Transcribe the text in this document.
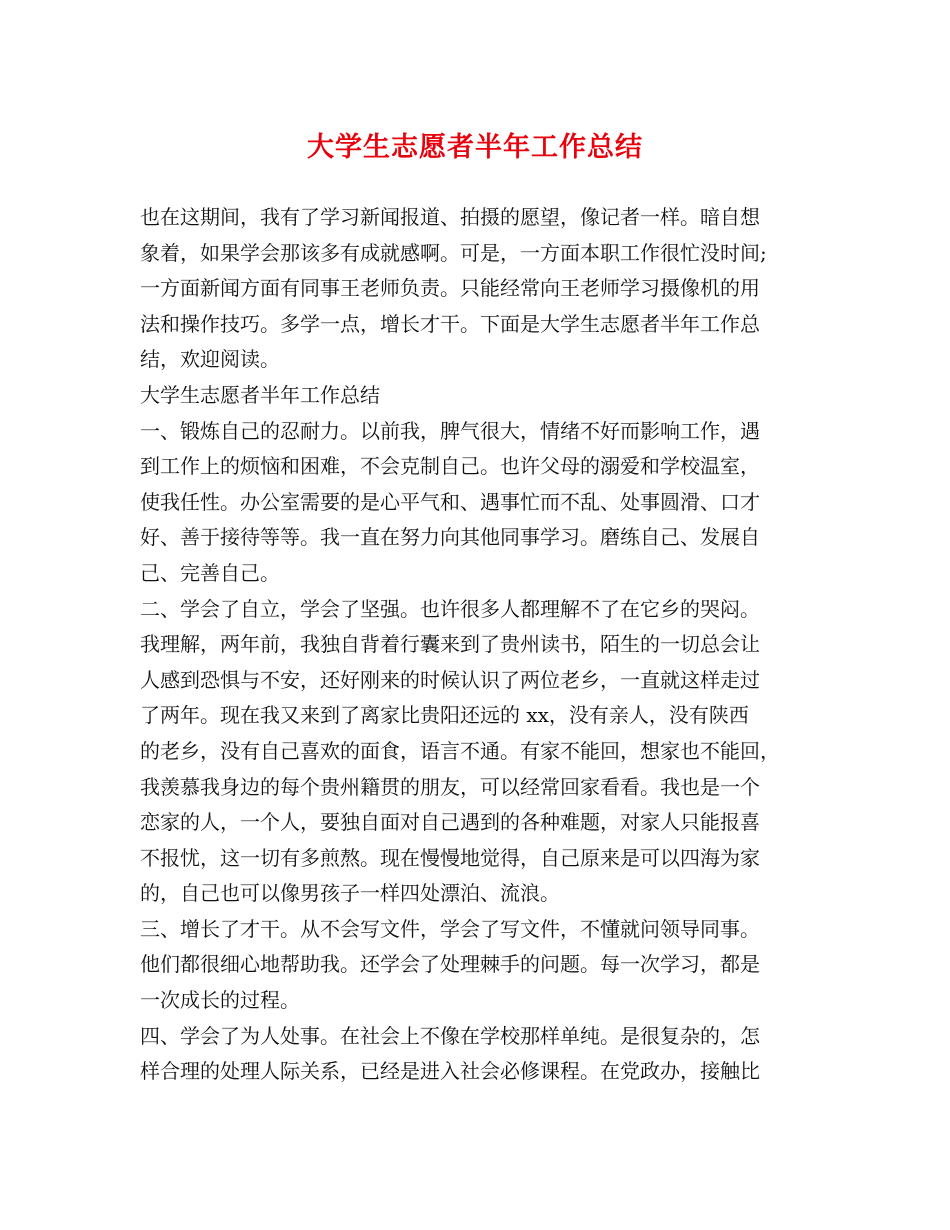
大学生志愿者半年工作总结
也在这期间，我有了学习新闻报道、拍摄的愿望，像记者一样。暗自想
象着，如果学会那该多有成就感啊。可是，一方面本职工作很忙没时间;
一方面新闻方面有同事王老师负责。只能经常向王老师学习摄像机的用
法和操作技巧。多学一点，增长才干。下面是大学生志愿者半年工作总
结，欢迎阅读。
大学生志愿者半年工作总结
一、锻炼自己的忍耐力。以前我，脾气很大，情绪不好而影响工作，遇
到工作上的烦恼和困难，不会克制自己。也许父母的溺爱和学校温室，
使我任性。办公室需要的是心平气和、遇事忙而不乱、处事圆滑、口才
好、善于接待等等。我一直在努力向其他同事学习。磨练自己、发展自
己、完善自己。
二、学会了自立，学会了坚强。也许很多人都理解不了在它乡的哭闷。
我理解，两年前，我独自背着行囊来到了贵州读书，陌生的一切总会让
人感到恐惧与不安，还好刚来的时候认识了两位老乡，一直就这样走过
了两年。现在我又来到了离家比贵阳还远的 xx，没有亲人，没有陕西
的老乡，没有自己喜欢的面食，语言不通。有家不能回，想家也不能回，
我羡慕我身边的每个贵州籍贯的朋友，可以经常回家看看。我也是一个
恋家的人，一个人，要独自面对自己遇到的各种难题，对家人只能报喜
不报忧，这一切有多煎熬。现在慢慢地觉得，自己原来是可以四海为家
的，自己也可以像男孩子一样四处漂泊、流浪。
三、增长了才干。从不会写文件，学会了写文件，不懂就问领导同事。
他们都很细心地帮助我。还学会了处理棘手的问题。每一次学习，都是
一次成长的过程。
四、学会了为人处事。在社会上不像在学校那样单纯。是很复杂的，怎
样合理的处理人际关系，已经是进入社会必修课程。在党政办，接触比
